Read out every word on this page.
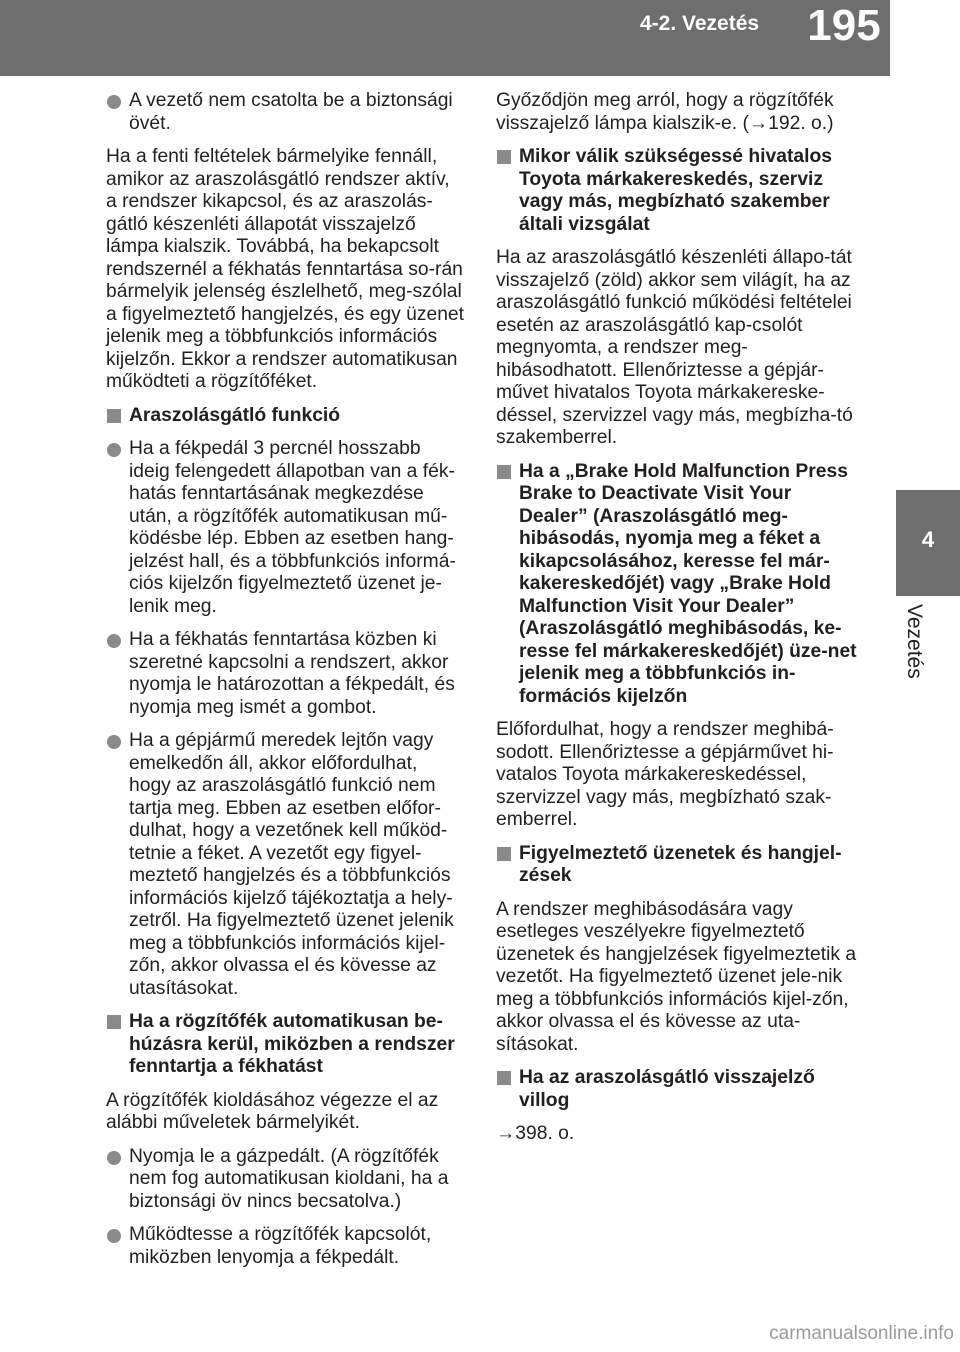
4-2. Vezetés	195
4
Vezetés
A vezető nem csatolta be a biztonsági övét.

Ha a fenti feltételek bármelyike fennáll, amikor az araszolásgátló rendszer aktív, a rendszer kikapcsol, és az araszolás-gátló készenléti állapotát visszajelző lámpa kialszik. Továbbá, ha bekapcsolt rendszernél a fékhatás fenntartása so-rán bármelyik jelenség észlelhető, meg-szólal a figyelmeztető hangjelzés, és egy üzenet jelenik meg a többfunkciós információs kijelzőn. Ekkor a rendszer automatikusan működteti a rögzítőféket.

Araszolásgátló funkció
Ha a fékpedál 3 percnél hosszabb ideig felengedett állapotban van a fék-hatás fenntartásának megkezdése után, a rögzítőfék automatikusan mű-ködésbe lép. Ebben az esetben hang-jelzést hall, és a többfunkciós informá-ciós kijelzőn figyelmeztető üzenet je-lenik meg.
Ha a fékhatás fenntartása közben ki szeretné kapcsolni a rendszert, akkor nyomja le határozottan a fékpedált, és nyomja meg ismét a gombot.
Ha a gépjármű meredek lejtőn vagy emelkedőn áll, akkor előfordulhat, hogy az araszolásgátló funkció nem tartja meg. Ebben az esetben előfor-dulhat, hogy a vezetőnek kell működ-tetnie a féket. A vezetőt egy figyel-meztető hangjelzés és a többfunkciós információs kijelző tájékoztatja a hely-zetről. Ha figyelmeztető üzenet jelenik meg a többfunkciós információs kijel-zőn, akkor olvassa el és kövesse az utasításokat.
Ha a rögzítőfék automatikusan be-húzásra kerül, miközben a rendszer fenntartja a fékhatást

A rögzítőfék kioldásához végezze el az alábbi műveletek bármelyikét.

Nyomja le a gázpedált. (A rögzítőfék nem fog automatikusan kioldani, ha a biztonsági öv nincs becsatolva.)
Működtesse a rögzítőfék kapcsolót, miközben lenyomja a fékpedált.

Győződjön meg arról, hogy a rögzítőfék visszajelző lámpa kialszik-e. (→192. o.)

Mikor válik szükségessé hivatalos Toyota márkakereskedés, szerviz vagy más, megbízható szakember általi vizsgálat

Ha az araszolásgátló készenléti állapo-tát visszajelző (zöld) akkor sem világít, ha az araszolásgátló funkció működési feltételei esetén az araszolásgátló kap-csolót megnyomta, a rendszer meg-hibásodhatott. Ellenőriztesse a gépjár-művet hivatalos Toyota márkakereske-déssel, szervizzel vagy más, megbízha-tó szakemberrel.

Ha a „Brake Hold Malfunction Press Brake to Deactivate Visit Your Dealer” (Araszolásgátló meg-hibásodás, nyomja meg a féket a kikapcsolásához, keresse fel már-kakereskedőjét) vagy „Brake Hold Malfunction Visit Your Dealer” (Araszolásgátló meghibásodás, ke-resse fel márkakereskedőjét) üze-net jelenik meg a többfunkciós in-formációs kijelzőn

Előfordulhat, hogy a rendszer meghibá-sodott. Ellenőriztesse a gépjárművet hi-vatalos Toyota márkakereskedéssel, szervizzel vagy más, megbízható szak-emberrel.

Figyelmeztető üzenetek és hangjel-zések

A rendszer meghibásodására vagy esetleges veszélyekre figyelmeztető üzenetek és hangjelzések figyelmeztetik a vezetőt. Ha figyelmeztető üzenet jele-nik meg a többfunkciós információs kijel-zőn, akkor olvassa el és kövesse az uta-sításokat.

Ha az araszolásgátló visszajelző villog

→398. o.

carmanualsonline.info
